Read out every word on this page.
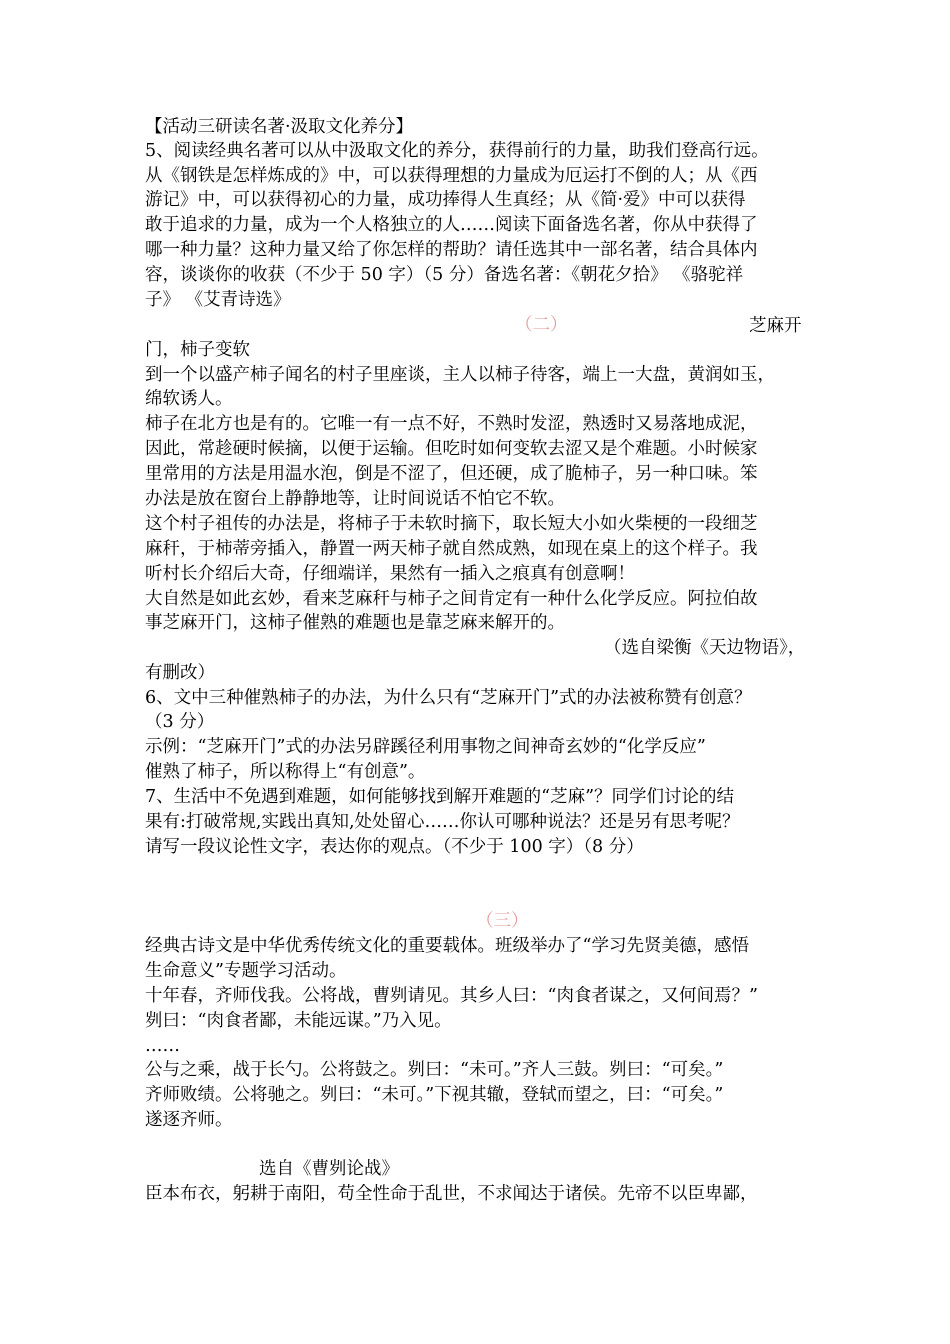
【活动三研读名著·汲取文化养分】
5、阅读经典名著可以从中汲取文化的养分，获得前行的力量，助我们登高行远。
从《钢铁是怎样炼成的》中，可以获得理想的力量成为厄运打不倒的人；从《西
游记》中，可以获得初心的力量，成功捧得人生真经；从《简·爱》中可以获得
敢于追求的力量，成为一个人格独立的人……阅读下面备选名著，你从中获得了
哪一种力量？这种力量又给了你怎样的帮助？请任选其中一部名著，结合具体内
容，谈谈你的收获（不少于 50 字）（5 分）备选名著：《朝花夕拾》 《骆驼祥
子》 《艾青诗选》
（二）	芝麻开
门，柿子变软
到一个以盛产柿子闻名的村子里座谈，主人以柿子待客，端上一大盘，黄润如玉，
绵软诱人。
柿子在北方也是有的。它唯一有一点不好，不熟时发涩，熟透时又易落地成泥，
因此，常趁硬时候摘，以便于运输。但吃时如何变软去涩又是个难题。小时候家
里常用的方法是用温水泡，倒是不涩了，但还硬，成了脆柿子，另一种口味。笨
办法是放在窗台上静静地等，让时间说话不怕它不软。
这个村子祖传的办法是，将柿子于未软时摘下，取长短大小如火柴梗的一段细芝
麻秆，于柿蒂旁插入，静置一两天柿子就自然成熟，如现在桌上的这个样子。我
听村长介绍后大奇，仔细端详，果然有一插入之痕真有创意啊！
大自然是如此玄妙，看来芝麻秆与柿子之间肯定有一种什么化学反应。阿拉伯故
事芝麻开门，这柿子催熟的难题也是靠芝麻来解开的。
（选自梁衡《天边物语》，
有删改）
6、文中三种催熟柿子的办法，为什么只有“芝麻开门”式的办法被称赞有创意？
（3 分）
示例：“芝麻开门”式的办法另辟蹊径利用事物之间神奇玄妙的“化学反应”
催熟了柿子，所以称得上“有创意”。
7、生活中不免遇到难题，如何能够找到解开难题的“芝麻”？同学们讨论的结
果有:打破常规,实践出真知,处处留心……你认可哪种说法？还是另有思考呢？
请写一段议论性文字，表达你的观点。（不少于 100 字）（8 分）
（三）
经典古诗文是中华优秀传统文化的重要载体。班级举办了“学习先贤美德，感悟
生命意义”专题学习活动。
十年春，齐师伐我。公将战，曹刿请见。其乡人曰：“肉食者谋之，又何间焉？”
刿曰：“肉食者鄙，未能远谋。”乃入见。
……
公与之乘，战于长勺。公将鼓之。刿曰：“未可。”齐人三鼓。刿曰：“可矣。”
齐师败绩。公将驰之。刿曰：“未可。”下视其辙，登轼而望之，曰：“可矣。”
遂逐齐师。
选自《曹刿论战》
臣本布衣，躬耕于南阳，苟全性命于乱世，不求闻达于诸侯。先帝不以臣卑鄙，
